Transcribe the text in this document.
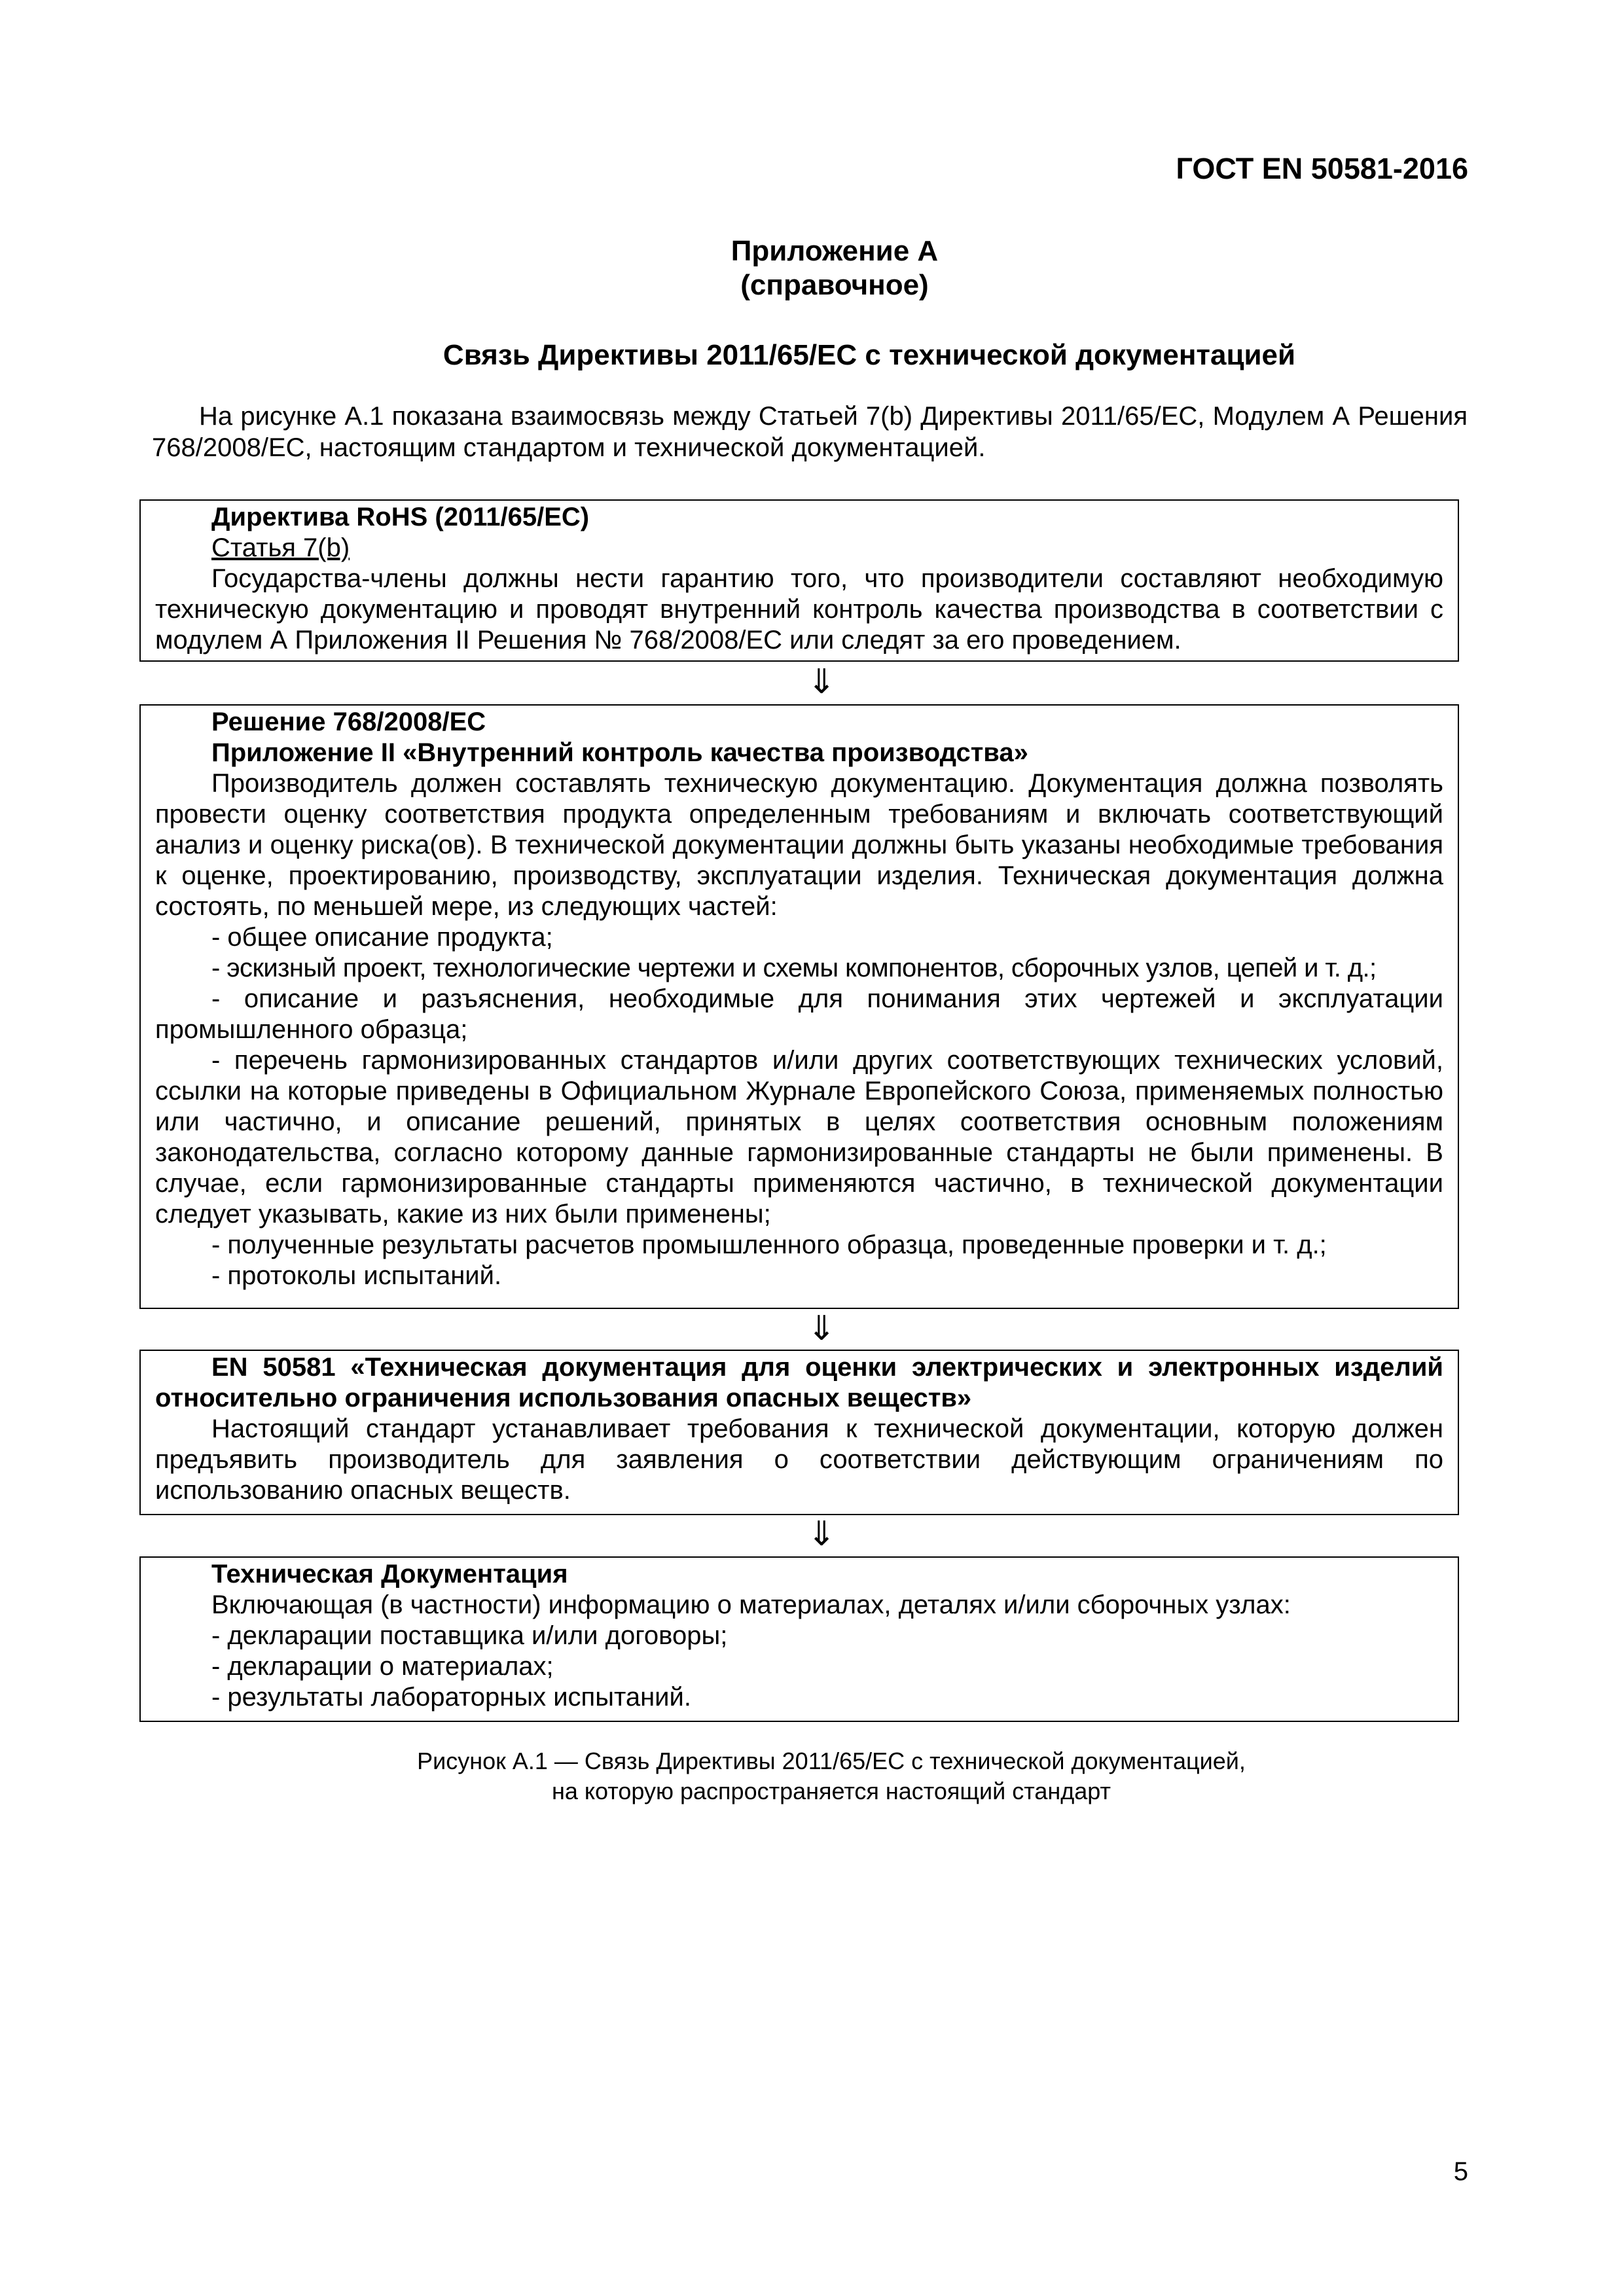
ГОСТ EN 50581-2016
Приложение А
(справочное)
Связь Директивы 2011/65/ЕС с технической документацией

На рисунке А.1 показана взаимосвязь между Статьей 7(b) Директивы 2011/65/ЕС, Модулем А Решения 768/2008/ЕС, настоящим стандартом и технической документацией.

Директива RoHS (2011/65/EC)

Статья 7(b)

Государства-члены должны нести гарантию того, что производители составляют необходимую техническую документацию и проводят внутренний контроль качества производства в соответствии с модулем А Приложения II Решения № 768/2008/ЕС или следят за его проведением.

⇓

Решение 768/2008/ЕС

Приложение II «Внутренний контроль качества производства»

Производитель должен составлять техническую документацию. Документация должна позволять провести оценку соответствия продукта определенным требованиям и включать соответствующий анализ и оценку риска(ов). В технической документации должны быть указаны необходимые требования к оценке, проектированию, производству, эксплуатации изделия. Техническая документация должна состоять, по меньшей мере, из следующих частей:

- общее описание продукта;

- эскизный проект, технологические чертежи и схемы компонентов, сборочных узлов, цепей и т. д.;

- описание и разъяснения, необходимые для понимания этих чертежей и эксплуатации промышленного образца;

- перечень гармонизированных стандартов и/или других соответствующих технических условий, ссылки на которые приведены в Официальном Журнале Европейского Союза, применяемых полностью или частично, и описание решений, принятых в целях соответствия основным положениям законодательства, согласно которому данные гармонизированные стандарты не были применены. В случае, если гармонизированные стандарты применяются частично, в технической документации следует указывать, какие из них были применены;

- полученные результаты расчетов промышленного образца, проведенные проверки и т. д.;

- протоколы испытаний.

⇓

EN 50581 «Техническая документация для оценки электрических и электронных изделий относительно ограничения использования опасных веществ»

Настоящий стандарт устанавливает требования к технической документации, которую должен предъявить производитель для заявления о соответствии действующим ограничениям по использованию опасных веществ.

⇓

Техническая Документация

Включающая (в частности) информацию о материалах, деталях и/или сборочных узлах:

- декларации поставщика и/или договоры;

- декларации о материалах;

- результаты лабораторных испытаний.

Рисунок А.1 — Связь Директивы 2011/65/ЕС с технической документацией,
на которую распространяется настоящий стандарт
5
